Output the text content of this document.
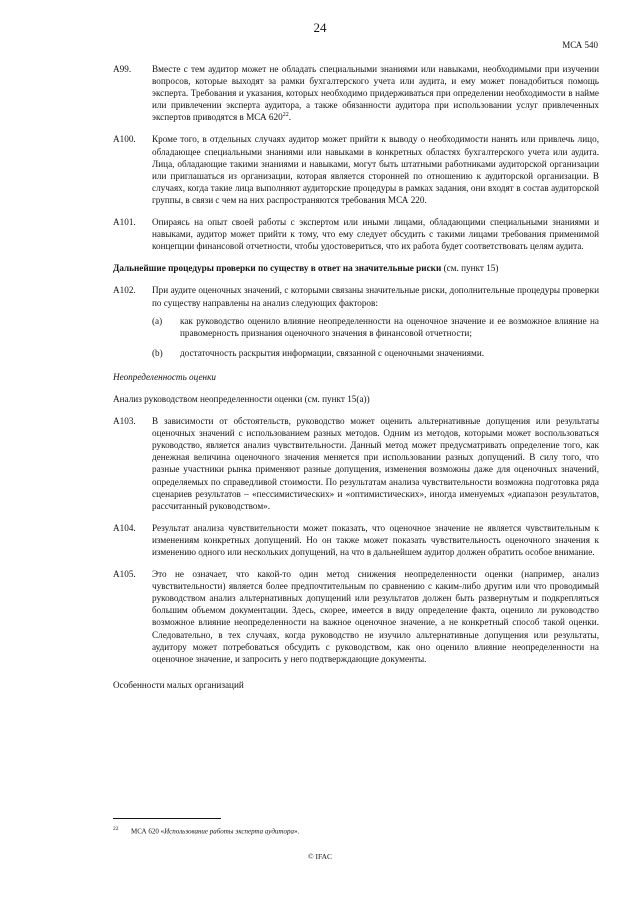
24
МСА 540
A99.	Вместе с тем аудитор может не обладать специальными знаниями или навыками, необходимыми при изучении вопросов, которые выходят за рамки бухгалтерского учета или аудита, и ему может понадобиться помощь эксперта. Требования и указания, которых необходимо придерживаться при определении необходимости в найме или привлечении эксперта аудитора, а также обязанности аудитора при использовании услуг привлеченных экспертов приводятся в МСА $620^{22}$.
A100.	Кроме того, в отдельных случаях аудитор может прийти к выводу о необходимости нанять или привлечь лицо, обладающее специальными знаниями или навыками в конкретных областях бухгалтерского учета или аудита. Лица, обладающие такими знаниями и навыками, могут быть штатными работниками аудиторской организации или приглашаться из организации, которая является сторонней по отношению к аудиторской организации. В случаях, когда такие лица выполняют аудиторские процедуры в рамках задания, они входят в состав аудиторской группы, в связи с чем на них распространяются требования МСА 220.
A101.	Опираясь на опыт своей работы с экспертом или иными лицами, обладающими специальными знаниями и навыками, аудитор может прийти к тому, что ему следует обсудить с такими лицами требования применимой концепции финансовой отчетности, чтобы удостовериться, что их работа будет соответствовать целям аудита.
Дальнейшие процедуры проверки по существу в ответ на значительные риски (см. пункт 15)
A102.	При аудите оценочных значений, с которыми связаны значительные риски, дополнительные процедуры проверки по существу направлены на анализ следующих факторов:
(a) как руководство оценило влияние неопределенности на оценочное значение и ее возможное влияние на правомерность признания оценочного значения в финансовой отчетности;
(b) достаточность раскрытия информации, связанной с оценочными значениями.
Неопределенность оценки
Анализ руководством неопределенности оценки (см. пункт 15(a))
A103.	В зависимости от обстоятельств, руководство может оценить альтернативные допущения или результаты оценочных значений с использованием разных методов. Одним из методов, которыми может воспользоваться руководство, является анализ чувствительности. Данный метод может предусматривать определение того, как денежная величина оценочного значения меняется при использовании разных допущений. В силу того, что разные участники рынка применяют разные допущения, изменения возможны даже для оценочных значений, определяемых по справедливой стоимости. По результатам анализа чувствительности возможна подготовка ряда сценариев результатов – «пессимистических» и «оптимистических», иногда именуемых «диапазон результатов, рассчитанный руководством».
A104.	Результат анализа чувствительности может показать, что оценочное значение не является чувствительным к изменениям конкретных допущений. Но он также может показать чувствительность оценочного значения к изменению одного или нескольких допущений, на что в дальнейшем аудитор должен обратить особое внимание.
A105.	Это не означает, что какой-то один метод снижения неопределенности оценки (например, анализ чувствительности) является более предпочтительным по сравнению с каким-либо другим или что проводимый руководством анализ альтернативных допущений или результатов должен быть развернутым и подкрепляться большим объемом документации. Здесь, скорее, имеется в виду определение факта, оценило ли руководство возможное влияние неопределенности на важное оценочное значение, а не конкретный способ такой оценки. Следовательно, в тех случаях, когда руководство не изучило альтернативные допущения или результаты, аудитору может потребоваться обсудить с руководством, как оно оценило влияние неопределенности на оценочное значение, и запросить у него подтверждающие документы.
Особенности малых организаций
22 МСА 620 «Использование работы эксперта аудитора».
© IFAC
